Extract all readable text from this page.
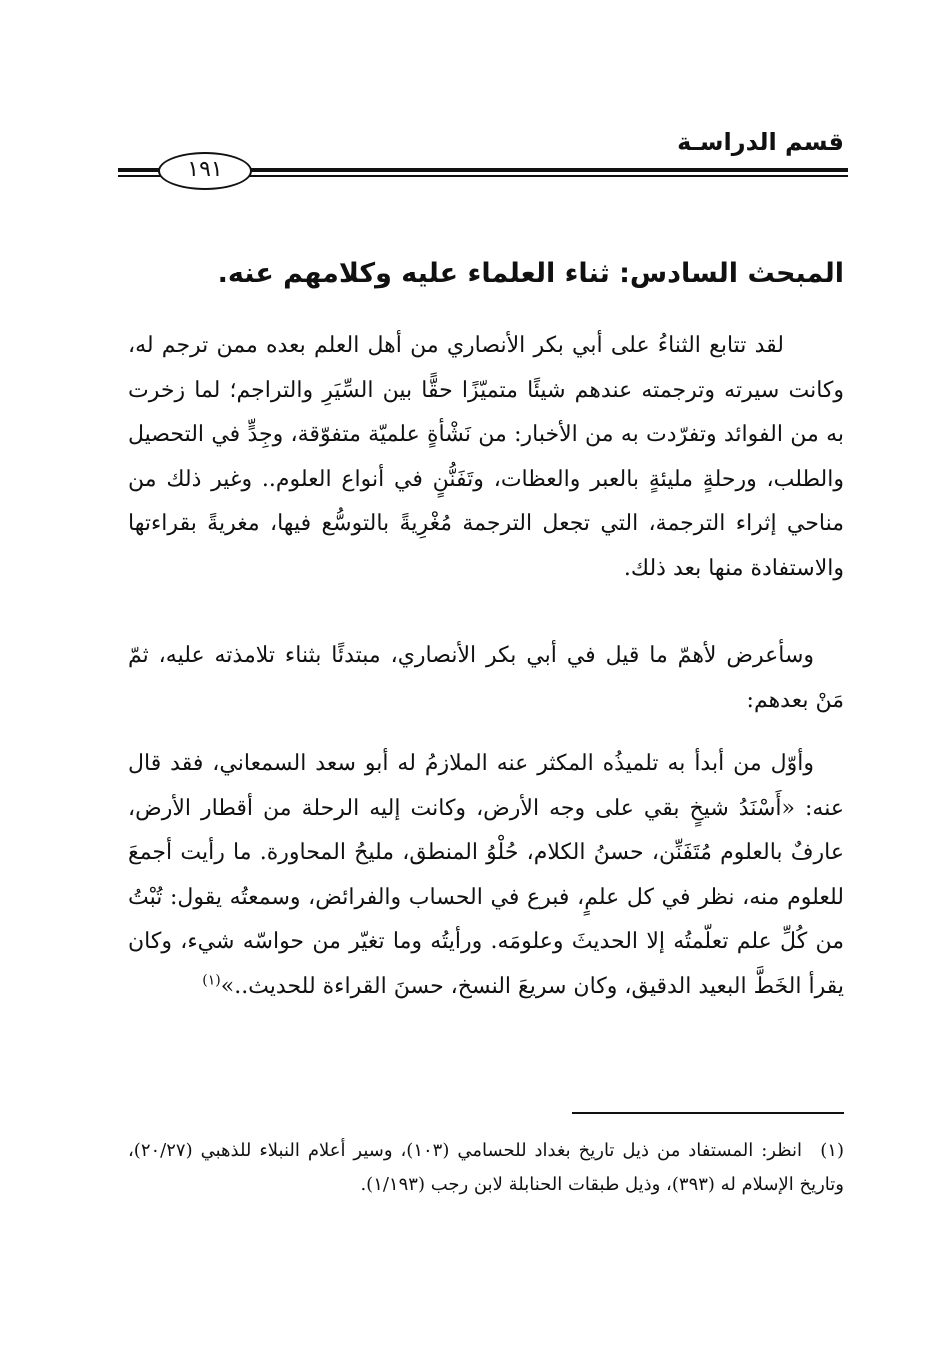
قسم الدراسـة
١٩١
المبحث السادس: ثناء العلماء عليه وكلامهم عنه.

لقد تتابع الثناءُ على أبي بكر الأنصاري من أهل العلم بعده ممن ترجم له، وكانت سيرته وترجمته عندهم شيئًا متميّزًا حقًّا بين السِّيَرِ والتراجم؛ لما زخرت به من الفوائد وتفرّدت به من الأخبار: من نَشْأةٍ علميّة متفوّقة، وجِدٍّ في التحصيل والطلب، ورحلةٍ مليئةٍ بالعبر والعظات، وتَفَنُّنٍ في أنواع العلوم.. وغير ذلك من مناحي إثراء الترجمة، التي تجعل الترجمة مُغْرِيةً بالتوسُّع فيها، مغريةً بقراءتها والاستفادة منها بعد ذلك.

وسأعرض لأهمّ ما قيل في أبي بكر الأنصاري، مبتدئًا بثناء تلامذته عليه، ثمّ مَنْ بعدهم:

وأوّل من أبدأ به تلميذُه المكثر عنه الملازمُ له أبو سعد السمعاني، فقد قال عنه: «أَسْنَدُ شيخٍ بقي على وجه الأرض، وكانت إليه الرحلة من أقطار الأرض، عارفٌ بالعلوم مُتَفَنِّن، حسنُ الكلام، حُلْوُ المنطق، مليحُ المحاورة. ما رأيت أجمعَ للعلوم منه، نظر في كل علمٍ، فبرع في الحساب والفرائض، وسمعتُه يقول: تُبْتُ من كُلِّ علم تعلّمتُه إلا الحديثَ وعلومَه. ورأيتُه وما تغيّر من حواسّه شيء، وكان يقرأ الخَطَّ البعيد الدقيق، وكان سريعَ النسخ، حسنَ القراءة للحديث..»$^{(١)}$

(١)انظر: المستفاد من ذيل تاريخ بغداد للحسامي (١٠٣)، وسير أعلام النبلاء للذهبي (٢٠/٢٧)، وتاريخ الإسلام له (٣٩٣)، وذيل طبقات الحنابلة لابن رجب (١/١٩٣).
